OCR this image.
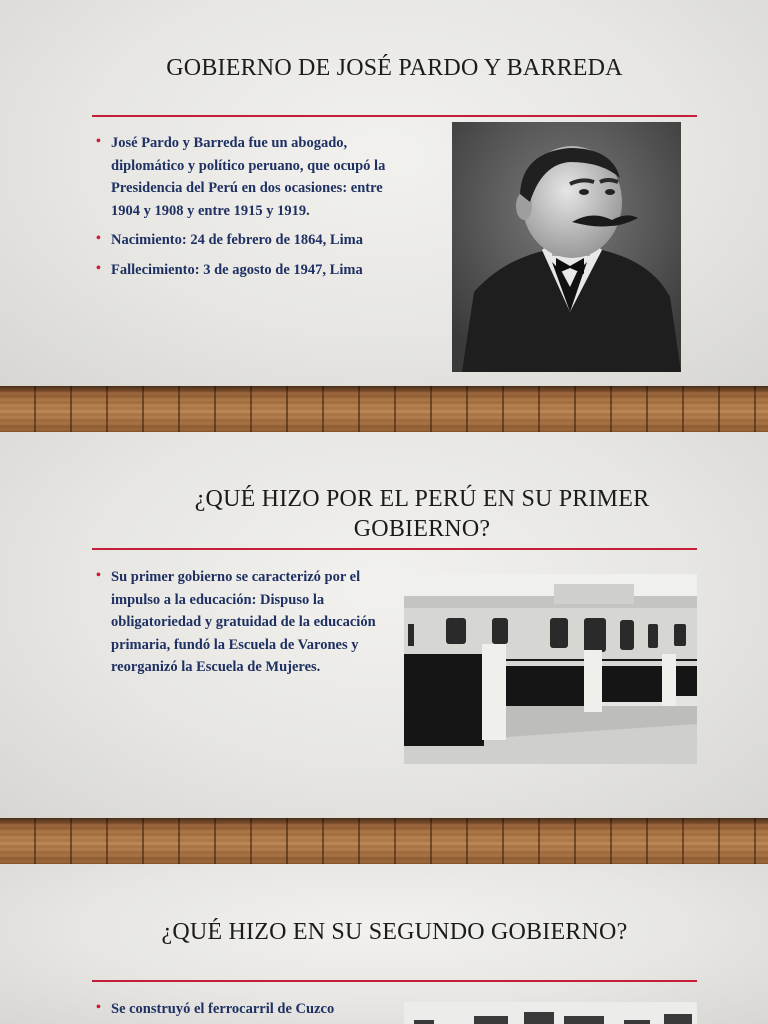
GOBIERNO DE JOSÉ PARDO Y BARREDA
• José Pardo y Barreda fue un abogado, diplomático y político peruano, que ocupó la Presidencia del Perú en dos ocasiones: entre 1904 y 1908 y entre 1915 y 1919.
• Nacimiento: 24 de febrero de 1864, Lima
• Fallecimiento: 3 de agosto de 1947, Lima
¿QUÉ HIZO POR EL PERÚ EN SU PRIMER
GOBIERNO?
• Su primer gobierno se caracterizó por el impulso a la educación: Dispuso la obligatoriedad y gratuidad de la educación primaria, fundó la Escuela de Varones y reorganizó la Escuela de Mujeres.
¿QUÉ HIZO EN SU SEGUNDO GOBIERNO?
• Se construyó el ferrocarril de Cuzco
